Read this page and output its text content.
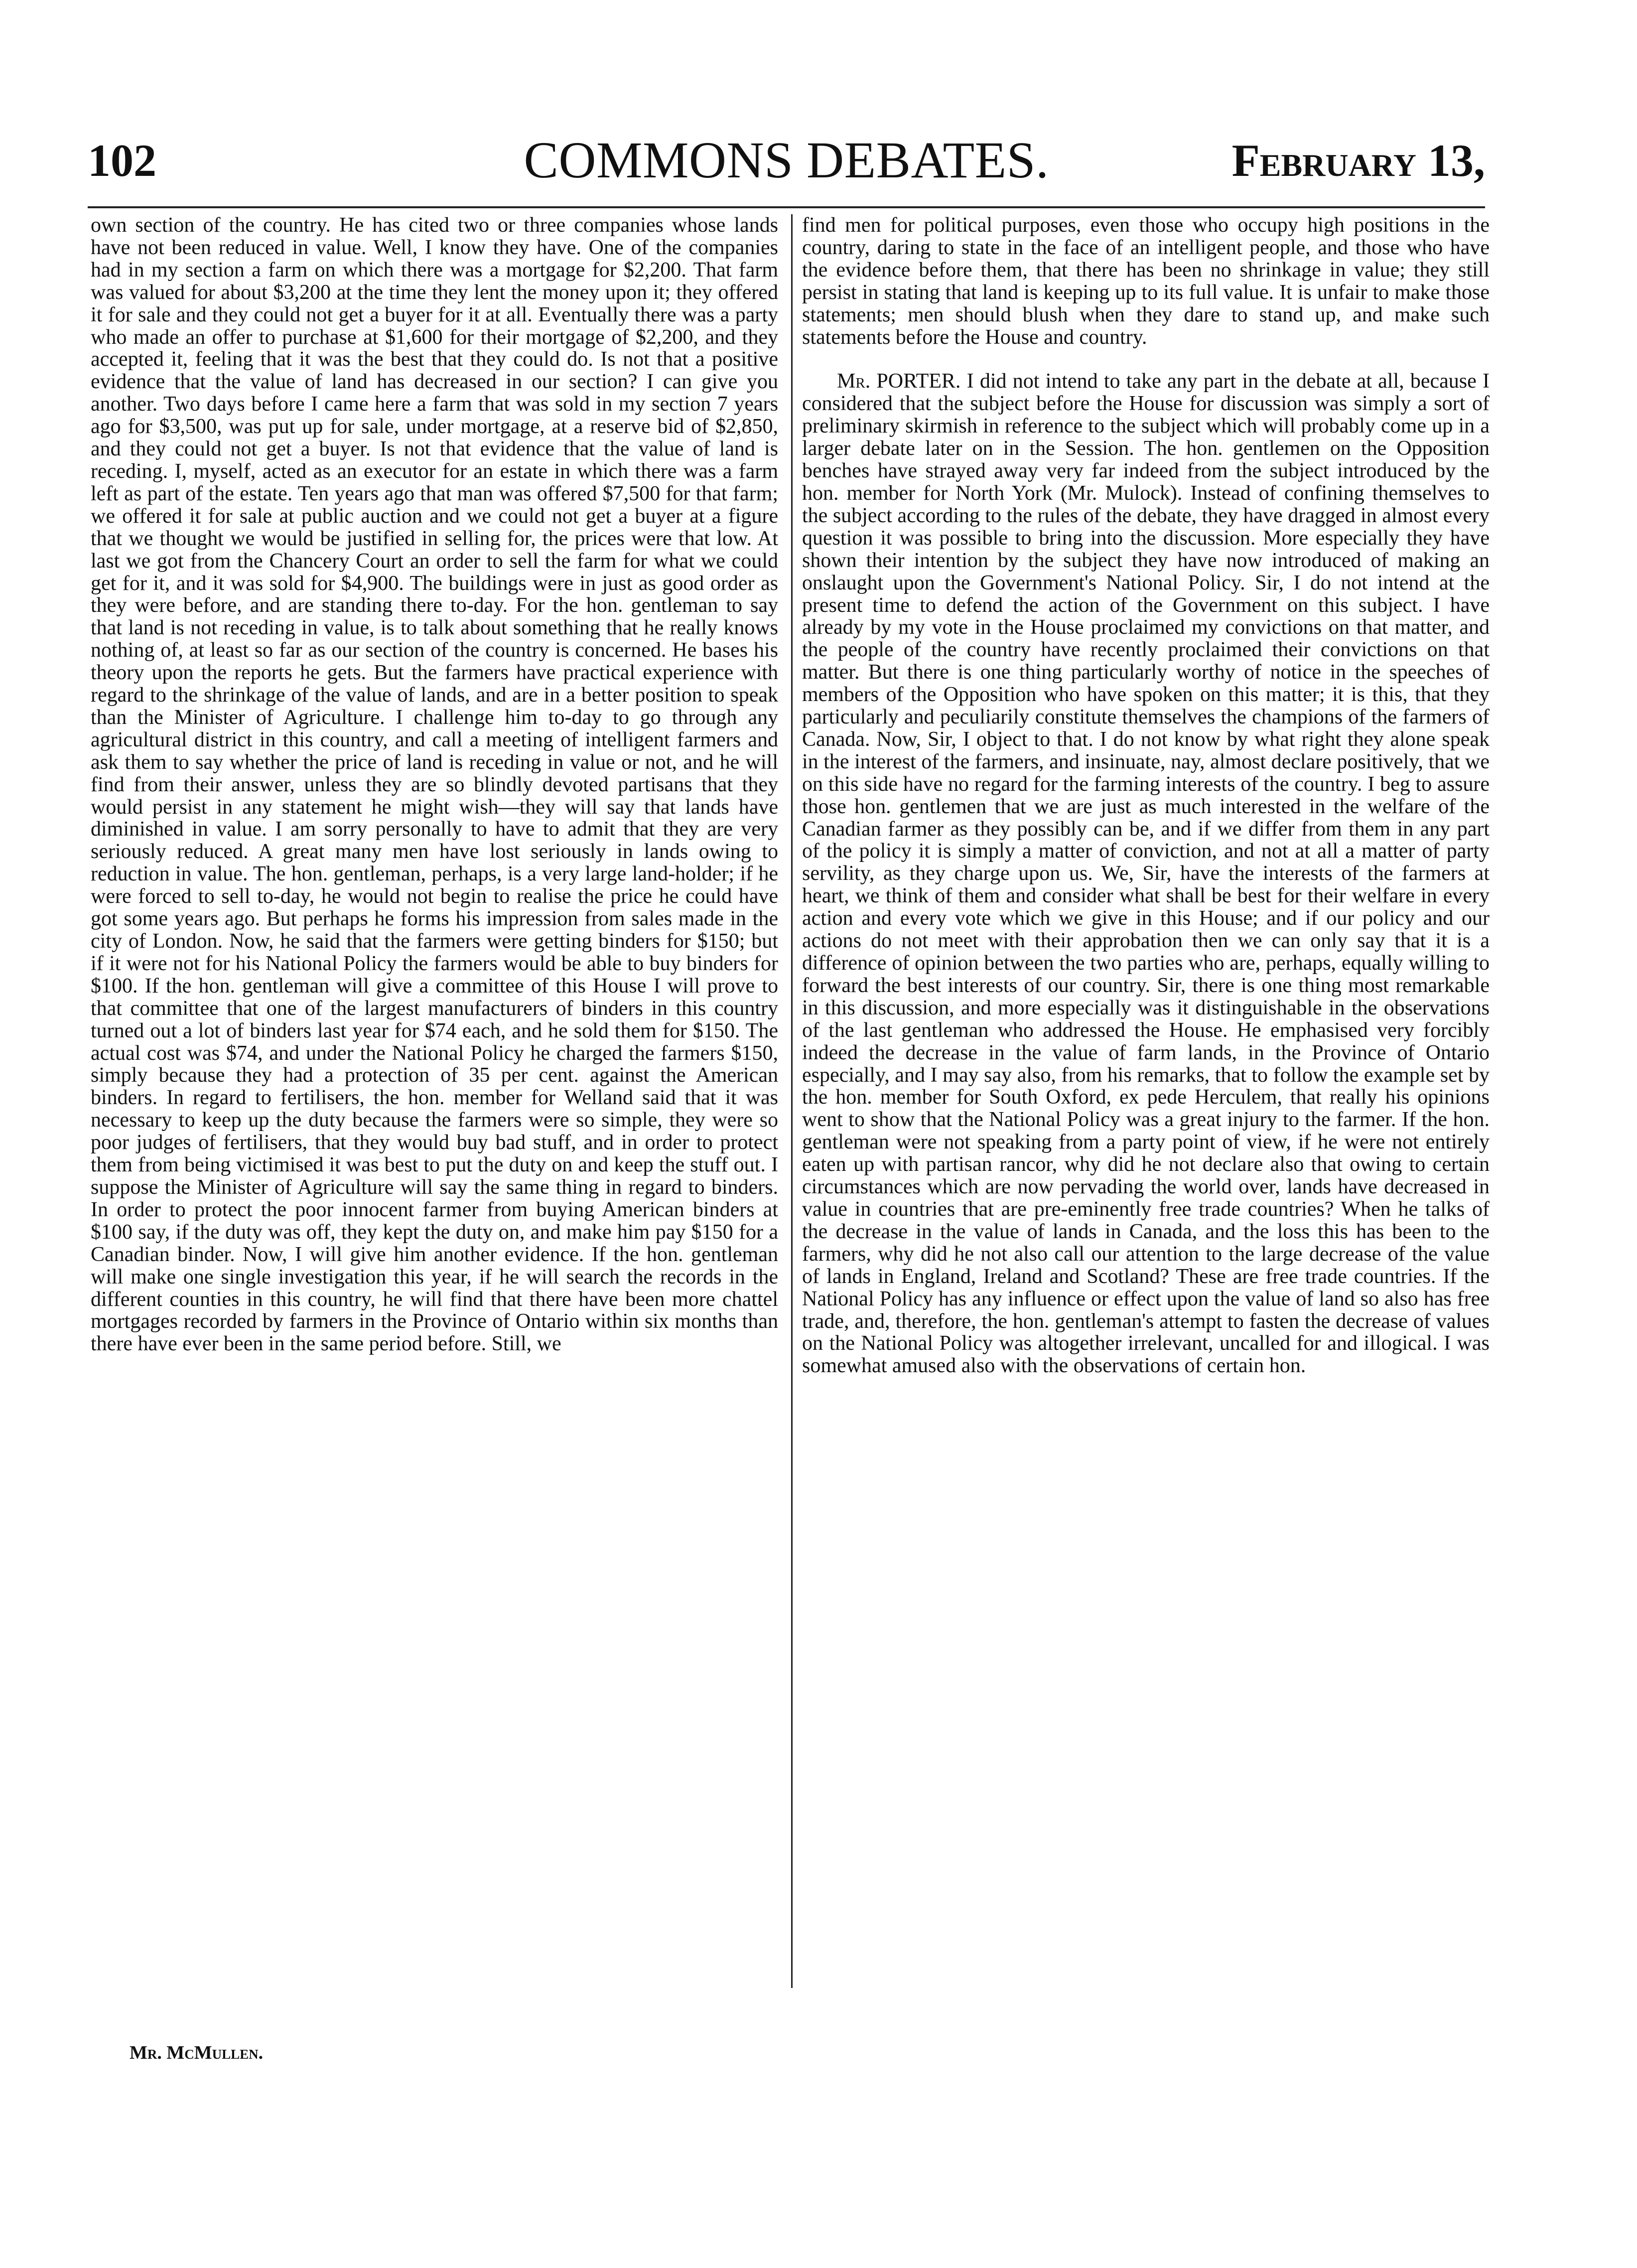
102	COMMONS DEBATES.	February 13,

own section of the country. He has cited two or three companies whose lands have not been reduced in value. Well, I know they have. One of the companies had in my section a farm on which there was a mortgage for $2,200. That farm was valued for about $3,200 at the time they lent the money upon it; they offered it for sale and they could not get a buyer for it at all. Eventually there was a party who made an offer to purchase at $1,600 for their mortgage of $2,200, and they accepted it, feeling that it was the best that they could do. Is not that a positive evidence that the value of land has decreased in our section? I can give you another. Two days before I came here a farm that was sold in my section 7 years ago for $3,500, was put up for sale, under mortgage, at a reserve bid of $2,850, and they could not get a buyer. Is not that evidence that the value of land is receding. I, myself, acted as an executor for an estate in which there was a farm left as part of the estate. Ten years ago that man was offered $7,500 for that farm; we offered it for sale at public auction and we could not get a buyer at a figure that we thought we would be justified in selling for, the prices were that low. At last we got from the Chancery Court an order to sell the farm for what we could get for it, and it was sold for $4,900. The buildings were in just as good order as they were before, and are standing there to-day. For the hon. gentleman to say that land is not receding in value, is to talk about something that he really knows nothing of, at least so far as our section of the country is concerned. He bases his theory upon the reports he gets. But the farmers have practical experience with regard to the shrinkage of the value of lands, and are in a better position to speak than the Minister of Agriculture. I challenge him to-day to go through any agricultural district in this country, and call a meeting of intelligent farmers and ask them to say whether the price of land is receding in value or not, and he will find from their answer, unless they are so blindly devoted partisans that they would persist in any statement he might wish—they will say that lands have diminished in value. I am sorry personally to have to admit that they are very seriously reduced. A great many men have lost seriously in lands owing to reduction in value. The hon. gentleman, perhaps, is a very large land-holder; if he were forced to sell to-day, he would not begin to realise the price he could have got some years ago. But perhaps he forms his impression from sales made in the city of London. Now, he said that the farmers were getting binders for $150; but if it were not for his National Policy the farmers would be able to buy binders for $100. If the hon. gentleman will give a committee of this House I will prove to that committee that one of the largest manufacturers of binders in this country turned out a lot of binders last year for $74 each, and he sold them for $150. The actual cost was $74, and under the National Policy he charged the farmers $150, simply because they had a protection of 35 per cent. against the American binders. In regard to fertilisers, the hon. member for Welland said that it was necessary to keep up the duty because the farmers were so simple, they were so poor judges of fertilisers, that they would buy bad stuff, and in order to protect them from being victimised it was best to put the duty on and keep the stuff out. I suppose the Minister of Agriculture will say the same thing in regard to binders. In order to protect the poor innocent farmer from buying American binders at $100 say, if the duty was off, they kept the duty on, and make him pay $150 for a Canadian binder. Now, I will give him another evidence. If the hon. gentleman will make one single investigation this year, if he will search the records in the different counties in this country, he will find that there have been more chattel mortgages recorded by farmers in the Province of Ontario within six months than there have ever been in the same period before. Still, we

find men for political purposes, even those who occupy high positions in the country, daring to state in the face of an intelligent people, and those who have the evidence before them, that there has been no shrinkage in value; they still persist in stating that land is keeping up to its full value. It is unfair to make those statements; men should blush when they dare to stand up, and make such statements before the House and country.

Mr. PORTER. I did not intend to take any part in the debate at all, because I considered that the subject before the House for discussion was simply a sort of preliminary skirmish in reference to the subject which will probably come up in a larger debate later on in the Session. The hon. gentlemen on the Opposition benches have strayed away very far indeed from the subject introduced by the hon. member for North York (Mr. Mulock). Instead of confining themselves to the subject according to the rules of the debate, they have dragged in almost every question it was possible to bring into the discussion. More especially they have shown their intention by the subject they have now introduced of making an onslaught upon the Government's National Policy. Sir, I do not intend at the present time to defend the action of the Government on this subject. I have already by my vote in the House proclaimed my convictions on that matter, and the people of the country have recently proclaimed their convictions on that matter. But there is one thing particularly worthy of notice in the speeches of members of the Opposition who have spoken on this matter; it is this, that they particularly and peculiarily constitute themselves the champions of the farmers of Canada. Now, Sir, I object to that. I do not know by what right they alone speak in the interest of the farmers, and insinuate, nay, almost declare positively, that we on this side have no regard for the farming interests of the country. I beg to assure those hon. gentlemen that we are just as much interested in the welfare of the Canadian farmer as they possibly can be, and if we differ from them in any part of the policy it is simply a matter of conviction, and not at all a matter of party servility, as they charge upon us. We, Sir, have the interests of the farmers at heart, we think of them and consider what shall be best for their welfare in every action and every vote which we give in this House; and if our policy and our actions do not meet with their approbation then we can only say that it is a difference of opinion between the two parties who are, perhaps, equally willing to forward the best interests of our country. Sir, there is one thing most remarkable in this discussion, and more especially was it distinguishable in the observations of the last gentleman who addressed the House. He emphasised very forcibly indeed the decrease in the value of farm lands, in the Province of Ontario especially, and I may say also, from his remarks, that to follow the example set by the hon. member for South Oxford, ex pede Herculem, that really his opinions went to show that the National Policy was a great injury to the farmer. If the hon. gentleman were not speaking from a party point of view, if he were not entirely eaten up with partisan rancor, why did he not declare also that owing to certain circumstances which are now pervading the world over, lands have decreased in value in countries that are pre-eminently free trade countries? When he talks of the decrease in the value of lands in Canada, and the loss this has been to the farmers, why did he not also call our attention to the large decrease of the value of lands in England, Ireland and Scotland? These are free trade countries. If the National Policy has any influence or effect upon the value of land so also has free trade, and, therefore, the hon. gentleman's attempt to fasten the decrease of values on the National Policy was altogether irrelevant, uncalled for and illogical. I was somewhat amused also with the observations of certain hon.

Mr. McMullen.
